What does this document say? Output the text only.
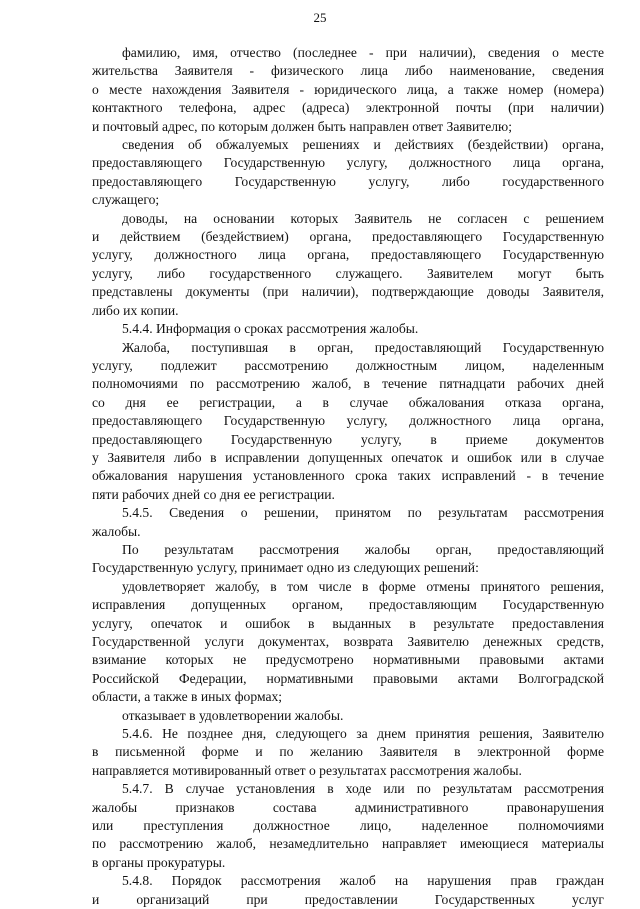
25
фамилию, имя, отчество (последнее - при наличии), сведения о месте
жительства Заявителя - физического лица либо наименование, сведения
о месте нахождения Заявителя - юридического лица, а также номер (номера)
контактного телефона, адрес (адреса) электронной почты (при наличии)
и почтовый адрес, по которым должен быть направлен ответ Заявителю;
сведения об обжалуемых решениях и действиях (бездействии) органа,
предоставляющего Государственную услугу, должностного лица органа,
предоставляющего Государственную услугу, либо государственного
служащего;
доводы, на основании которых Заявитель не согласен с решением
и действием (бездействием) органа, предоставляющего Государственную
услугу, должностного лица органа, предоставляющего Государственную
услугу, либо государственного служащего. Заявителем могут быть
представлены документы (при наличии), подтверждающие доводы Заявителя,
либо их копии.
5.4.4. Информация о сроках рассмотрения жалобы.
Жалоба, поступившая в орган, предоставляющий Государственную
услугу, подлежит рассмотрению должностным лицом, наделенным
полномочиями по рассмотрению жалоб, в течение пятнадцати рабочих дней
со дня ее регистрации, а в случае обжалования отказа органа,
предоставляющего Государственную услугу, должностного лица органа,
предоставляющего Государственную услугу, в приеме документов
у Заявителя либо в исправлении допущенных опечаток и ошибок или в случае
обжалования нарушения установленного срока таких исправлений - в течение
пяти рабочих дней со дня ее регистрации.
5.4.5. Сведения о решении, принятом по результатам рассмотрения
жалобы.
По результатам рассмотрения жалобы орган, предоставляющий
Государственную услугу, принимает одно из следующих решений:
удовлетворяет жалобу, в том числе в форме отмены принятого решения,
исправления допущенных органом, предоставляющим Государственную
услугу, опечаток и ошибок в выданных в результате предоставления
Государственной услуги документах, возврата Заявителю денежных средств,
взимание которых не предусмотрено нормативными правовыми актами
Российской Федерации, нормативными правовыми актами Волгоградской
области, а также в иных формах;
отказывает в удовлетворении жалобы.
5.4.6. Не позднее дня, следующего за днем принятия решения, Заявителю
в письменной форме и по желанию Заявителя в электронной форме
направляется мотивированный ответ о результатах рассмотрения жалобы.
5.4.7. В случае установления в ходе или по результатам рассмотрения
жалобы признаков состава административного правонарушения
или преступления должностное лицо, наделенное полномочиями
по рассмотрению жалоб, незамедлительно направляет имеющиеся материалы
в органы прокуратуры.
5.4.8. Порядок рассмотрения жалоб на нарушения прав граждан
и организаций при предоставлении Государственных услуг
